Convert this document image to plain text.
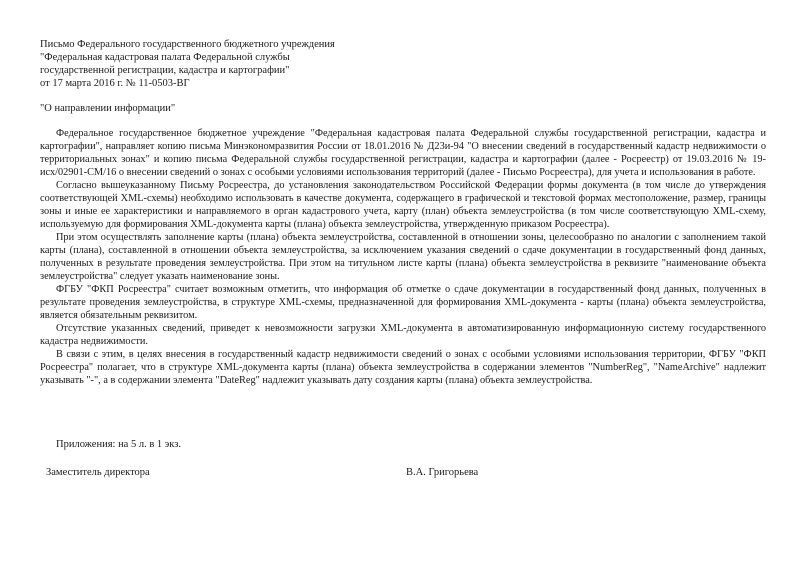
Письмо Федерального государственного бюджетного учреждения
"Федеральная кадастровая палата Федеральной службы
государственной регистрации, кадастра и картографии"
от 17 марта 2016 г. № 11-0503-ВГ
"О направлении информации"

Федеральное государственное бюджетное учреждение "Федеральная кадастровая палата Федеральной службы государственной регистрации, кадастра и картографии", направляет копию письма Минэкономразвития России от 18.01.2016 № Д23и-94 "О внесении сведений в государственный кадастр недвижимости о территориальных зонах" и копию письма Федеральной службы государственной регистрации, кадастра и картографии (далее - Росреестр) от 19.03.2016 № 19-исх/02901-СМ/16 о внесении сведений о зонах с особыми условиями использования территорий (далее - Письмо Росреестра), для учета и использования в работе.

Согласно вышеуказанному Письму Росреестра, до установления законодательством Российской Федерации формы документа (в том числе до утверждения соответствующей XML-схемы) необходимо использовать в качестве документа, содержащего в графической и текстовой формах местоположение, размер, границы зоны и иные ее характеристики и направляемого в орган кадастрового учета, карту (план) объекта землеустройства (в том числе соответствующую XML-схему, используемую для формирования XML-документа карты (плана) объекта землеустройства, утвержденную приказом Росреестра).

При этом осуществлять заполнение карты (плана) объекта землеустройства, составленной в отношении зоны, целесообразно по аналогии с заполнением такой карты (плана), составленной в отношении объекта землеустройства, за исключением указания сведений о сдаче документации в государственный фонд данных, полученных в результате проведения землеустройства. При этом на титульном листе карты (плана) объекта землеустройства в реквизите "наименование объекта землеустройства" следует указать наименование зоны.

ФГБУ "ФКП Росреестра" считает возможным отметить, что информация об отметке о сдаче документации в государственный фонд данных, полученных в результате проведения землеустройства, в структуре XML-схемы, предназначенной для формирования XML-документа - карты (плана) объекта землеустройства, является обязательным реквизитом.

Отсутствие указанных сведений, приведет к невозможности загрузки XML-документа в автоматизированную информационную систему государственного кадастра недвижимости.

В связи с этим, в целях внесения в государственный кадастр недвижимости сведений о зонах с особыми условиями использования территории, ФГБУ "ФКП Росреестра" полагает, что в структуре XML-документа карты (плана) объекта землеустройства в содержании элементов "NumberReg", "NameArchive" надлежит указывать "-", а в содержании элемента "DateReg" надлежит указывать дату создания карты (плана) объекта землеустройства.

Приложения: на 5 л. в 1 экз.
Заместитель директора	В.А. Григорьева
